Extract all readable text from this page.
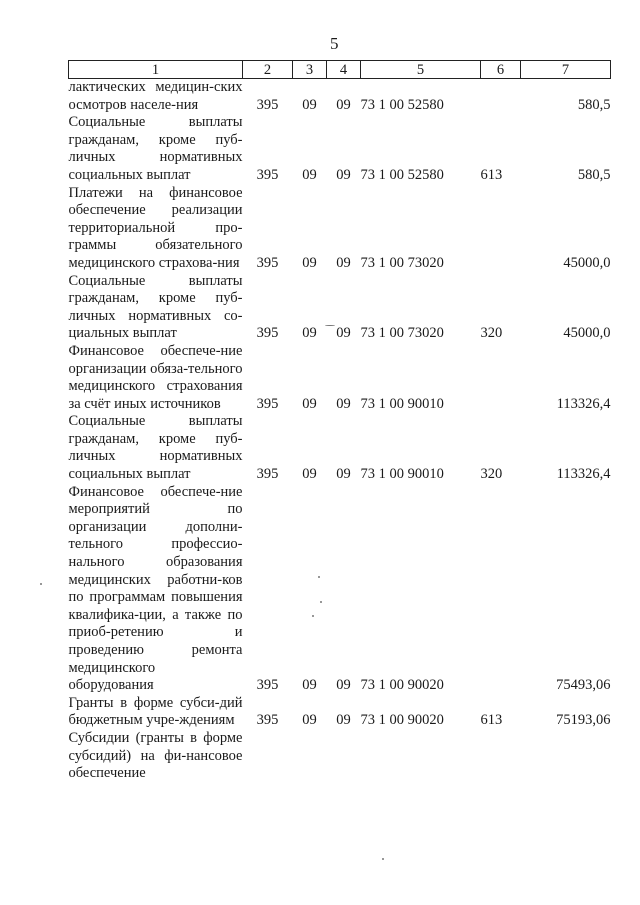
5
1	2	3	4	5	6	7
лактических медицин-ских осмотров населе-ния	395	09	09	73 1 00 52580		580,5
Социальные выплаты гражданам, кроме пуб-личных нормативных социальных выплат	395	09	09	73 1 00 52580	613	580,5
Платежи на финансовое обеспечение реализации территориальной про-граммы обязательного медицинского страхова-ния	395	09	09	73 1 00 73020		45000,0
Социальные выплаты гражданам, кроме пуб-личных нормативных со-циальных выплат	395	09	09	73 1 00 73020	320	45000,0
Финансовое обеспече-ние организации обяза-тельного медицинского страхования за счёт иных источников	395	09	09	73 1 00 90010		113326,4
Социальные выплаты гражданам, кроме пуб-личных нормативных социальных выплат	395	09	09	73 1 00 90010	320	113326,4
Финансовое обеспече-ние мероприятий по организации дополни-тельного профессио-нального образования медицинских работни-ков по программам повышения квалифика-ции, а также по приоб-ретению и проведению ремонта медицинского оборудования	395	09	09	73 1 00 90020		75493,06
Гранты в форме субси-дий бюджетным учре-ждениям	395	09	09	73 1 00 90020	613	75193,06
Субсидии (гранты в форме субсидий) на фи-нансовое обеспечение						
